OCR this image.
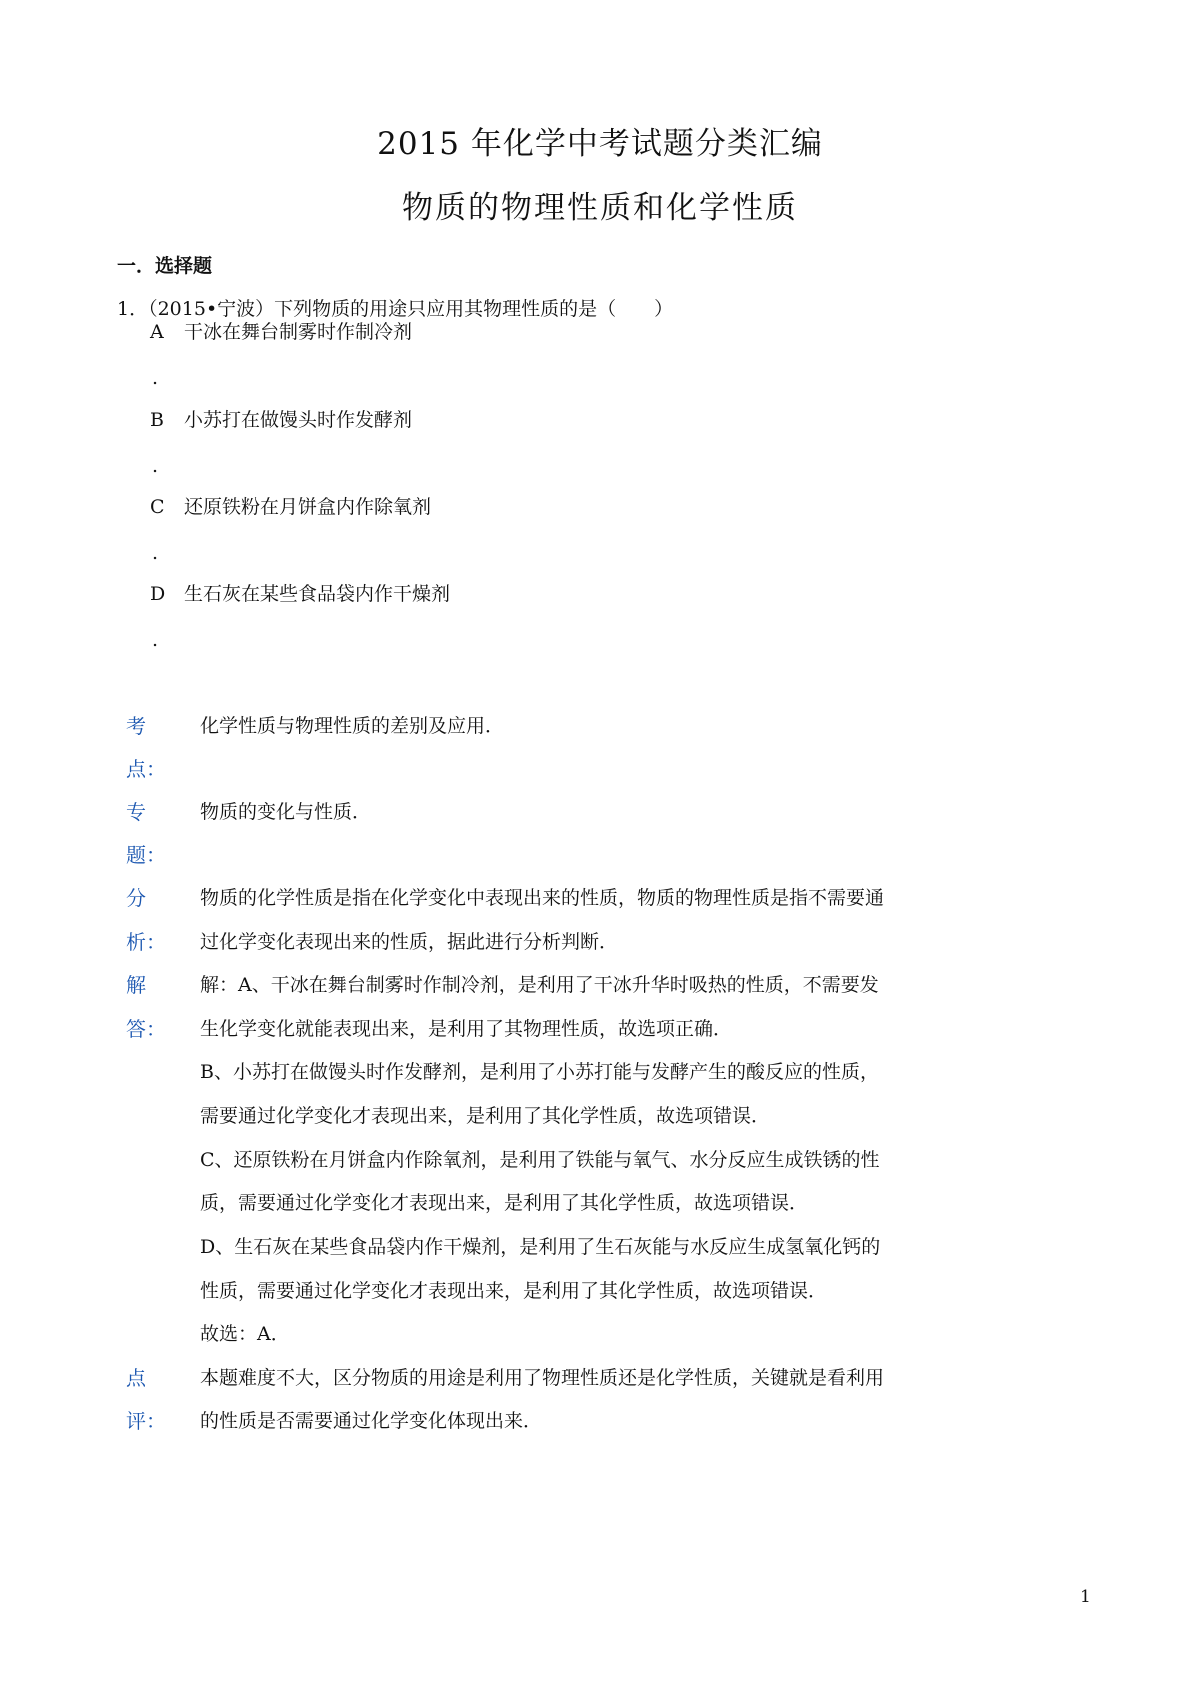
2015 年化学中考试题分类汇编
物质的物理性质和化学性质
一．选择题
1．（2015•宁波）下列物质的用途只应用其物理性质的是（　　）
A 干冰在舞台制雾时作制冷剂
.
B 小苏打在做馒头时作发酵剂
.
C 还原铁粉在月饼盒内作除氧剂
.
D 生石灰在某些食品袋内作干燥剂
.
考
点：
化学性质与物理性质的差别及应用．
专
题：
物质的变化与性质．
分
析：
物质的化学性质是指在化学变化中表现出来的性质，物质的物理性质是指不需要通
过化学变化表现出来的性质，据此进行分析判断．
解
答：
解：A、干冰在舞台制雾时作制冷剂，是利用了干冰升华时吸热的性质，不需要发
生化学变化就能表现出来，是利用了其物理性质，故选项正确．
B、小苏打在做馒头时作发酵剂，是利用了小苏打能与发酵产生的酸反应的性质，
需要通过化学变化才表现出来，是利用了其化学性质，故选项错误．
C、还原铁粉在月饼盒内作除氧剂，是利用了铁能与氧气、水分反应生成铁锈的性
质，需要通过化学变化才表现出来，是利用了其化学性质，故选项错误．
D、生石灰在某些食品袋内作干燥剂，是利用了生石灰能与水反应生成氢氧化钙的
性质，需要通过化学变化才表现出来，是利用了其化学性质，故选项错误．
故选：A．
点
评：
本题难度不大，区分物质的用途是利用了物理性质还是化学性质，关键就是看利用
的性质是否需要通过化学变化体现出来．
1
